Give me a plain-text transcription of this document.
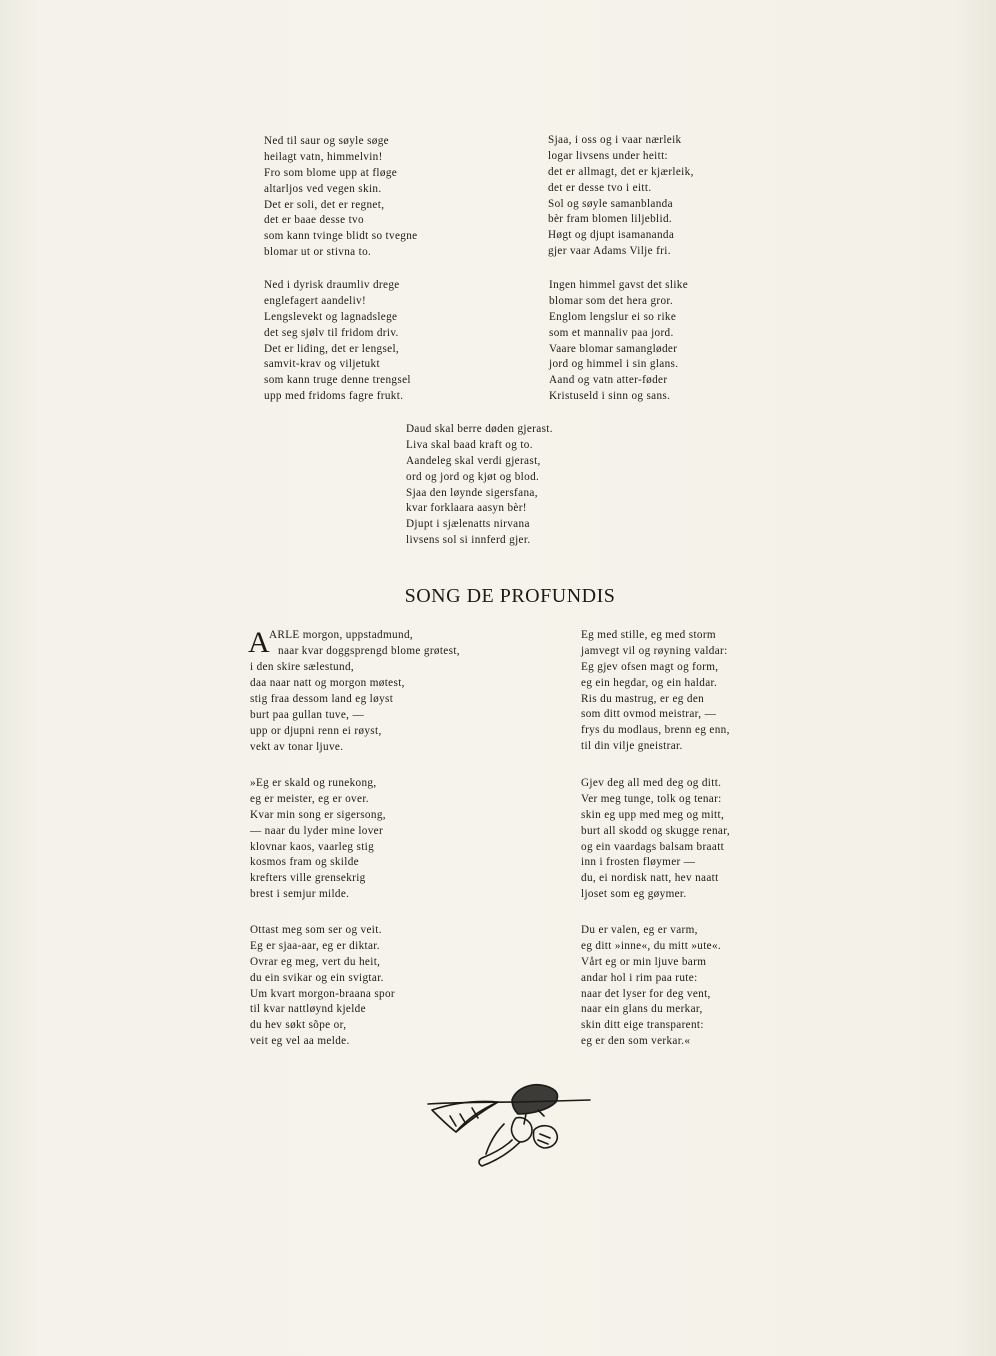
Ned til saur og søyle søge
heilagt vatn, himmelvin!
Fro som blome upp at fløge
altarljos ved vegen skin.
Det er soli, det er regnet,
det er baae desse tvo
som kann tvinge blidt so tvegne
blomar ut or stivna to.
Sjaa, i oss og i vaar nærleik
logar livsens under heitt:
det er allmagt, det er kjærleik,
det er desse tvo i eitt.
Sol og søyle samanblanda
bèr fram blomen liljeblid.
Høgt og djupt isamananda
gjer vaar Adams Vilje fri.
Ned i dyrisk draumliv drege
englefagert aandeliv!
Lengslevekt og lagnadslege
det seg sjølv til fridom driv.
Det er liding, det er lengsel,
samvit-krav og viljetukt
som kann truge denne trengsel
upp med fridoms fagre frukt.
Ingen himmel gavst det slike
blomar som det hera gror.
Englom lengslur ei so rike
som et mannaliv paa jord.
Vaare blomar samangløder
jord og himmel i sin glans.
Aand og vatn atter-føder
Kristuseld i sinn og sans.
Daud skal berre døden gjerast.
Liva skal baad kraft og to.
Aandeleg skal verdi gjerast,
ord og jord og kjøt og blod.
Sjaa den løynde sigersfana,
kvar forklaara aasyn bèr!
Djupt i sjælenatts nirvana
livsens sol si innferd gjer.
SONG DE PROFUNDIS
A ARLE morgon, uppstadmund,
naar kvar doggsprengd blome grøtest,
i den skire sælestund,
daa naar natt og morgon møtest,
stig fraa dessom land eg løyst
burt paa gullan tuve, —
upp or djupni renn ei røyst,
vekt av tonar ljuve.
Eg med stille, eg med storm
jamvegt vil og røyning valdar:
Eg gjev ofsen magt og form,
eg ein hegdar, og ein haldar.
Ris du mastrug, er eg den
som ditt ovmod meistrar, —
frys du modlaus, brenn eg enn,
til din vilje gneistrar.
»Eg er skald og runekong,
eg er meister, eg er over.
Kvar min song er sigersong,
— naar du lyder mine lover
klovnar kaos, vaarleg stig
kosmos fram og skilde
krefters ville grensekrig
brest i semjur milde.
Gjev deg all med deg og ditt.
Ver meg tunge, tolk og tenar:
skin eg upp med meg og mitt,
burt all skodd og skugge renar,
og ein vaardags balsam braatt
inn i frosten fløymer —
du, ei nordisk natt, hev naatt
ljoset som eg gøymer.
Ottast meg som ser og veit.
Eg er sjaa-aar, eg er diktar.
Ovrar eg meg, vert du heit,
du ein svikar og ein svigtar.
Um kvart morgon-braana spor
til kvar nattløynd kjelde
du hev søkt sõpe or,
veit eg vel aa melde.
Du er valen, eg er varm,
eg ditt »inne«, du mitt »ute«.
Vårt eg or min ljuve barm
andar hol i rim paa rute:
naar det lyser for deg vent,
naar ein glans du merkar,
skin ditt eige transparent:
eg er den som verkar.«
